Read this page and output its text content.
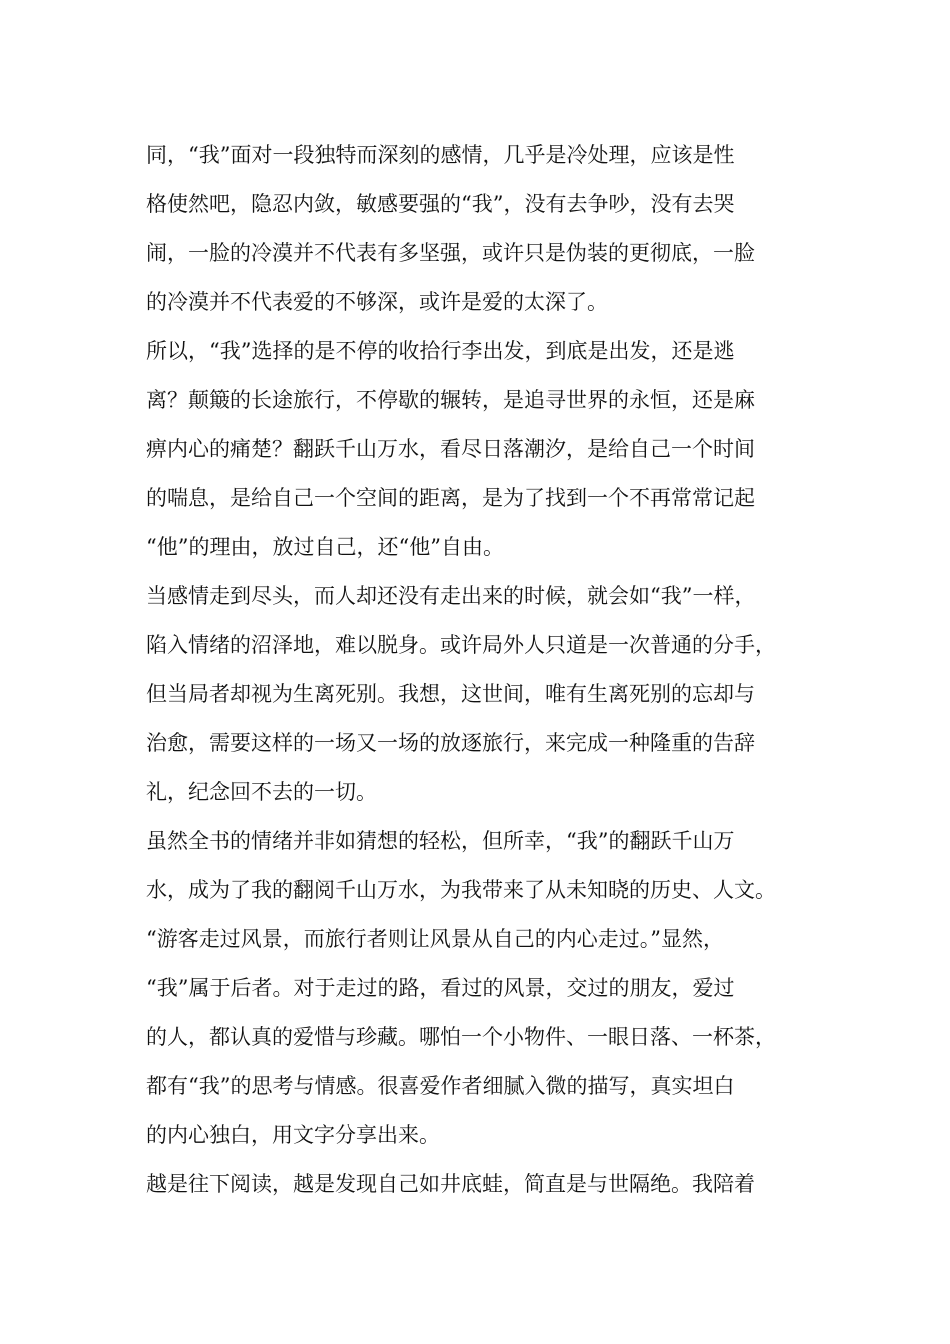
同，“我”面对一段独特而深刻的感情，几乎是冷处理，应该是性
格使然吧，隐忍内敛，敏感要强的“我”，没有去争吵，没有去哭
闹，一脸的冷漠并不代表有多坚强，或许只是伪装的更彻底，一脸
的冷漠并不代表爱的不够深，或许是爱的太深了。
所以，“我”选择的是不停的收拾行李出发，到底是出发，还是逃
离？颠簸的长途旅行，不停歇的辗转，是追寻世界的永恒，还是麻
痹内心的痛楚？翻跃千山万水，看尽日落潮汐，是给自己一个时间
的喘息，是给自己一个空间的距离，是为了找到一个不再常常记起
“他”的理由，放过自己，还“他”自由。
当感情走到尽头，而人却还没有走出来的时候，就会如“我”一样，
陷入情绪的沼泽地，难以脱身。或许局外人只道是一次普通的分手，
但当局者却视为生离死别。我想，这世间，唯有生离死别的忘却与
治愈，需要这样的一场又一场的放逐旅行，来完成一种隆重的告辞
礼，纪念回不去的一切。
虽然全书的情绪并非如猜想的轻松，但所幸，“我”的翻跃千山万
水，成为了我的翻阅千山万水，为我带来了从未知晓的历史、人文。
“游客走过风景，而旅行者则让风景从自己的内心走过。”显然，
“我”属于后者。对于走过的路，看过的风景，交过的朋友，爱过
的人，都认真的爱惜与珍藏。哪怕一个小物件、一眼日落、一杯茶，
都有“我”的思考与情感。很喜爱作者细腻入微的描写，真实坦白
的内心独白，用文字分享出来。
越是往下阅读，越是发现自己如井底蛙，简直是与世隔绝。我陪着
